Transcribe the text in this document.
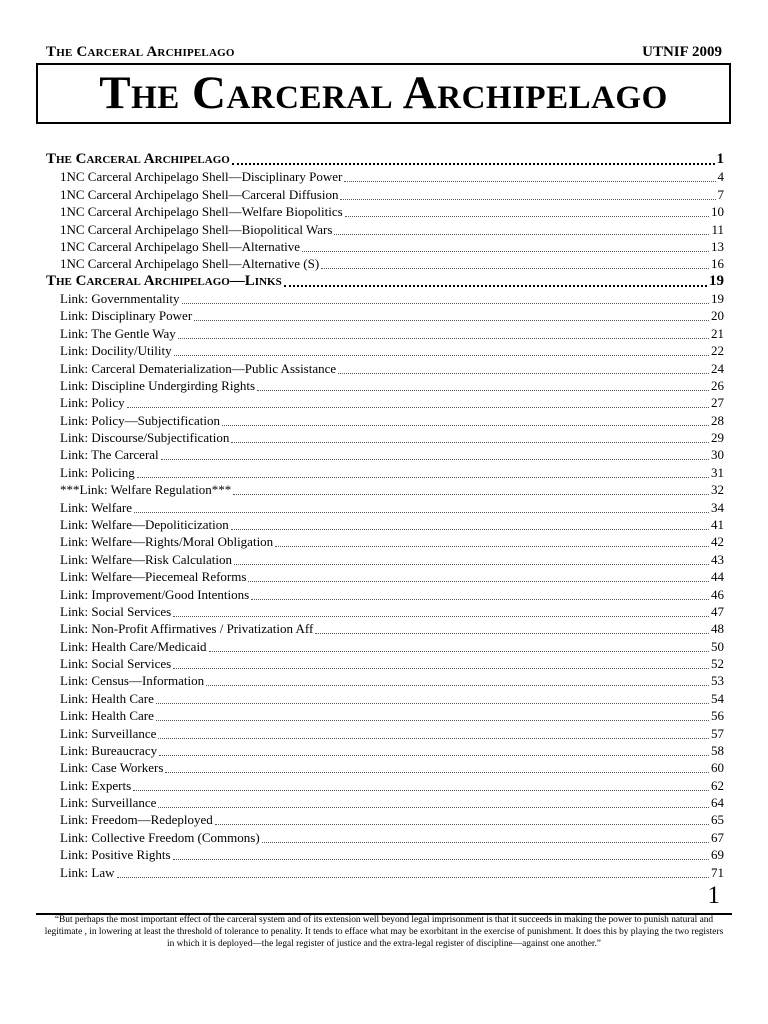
The Carceral Archipelago	UTNIF 2009
The Carceral Archipelago
The Carceral Archipelago	1
1NC Carceral Archipelago Shell—Disciplinary Power	4
1NC Carceral Archipelago Shell—Carceral Diffusion	7
1NC Carceral Archipelago Shell—Welfare Biopolitics	10
1NC Carceral Archipelago Shell—Biopolitical Wars	11
1NC Carceral Archipelago Shell—Alternative	13
1NC Carceral Archipelago Shell—Alternative (S)	16
The Carceral Archipelago—Links	19
Link: Governmentality	19
Link: Disciplinary Power	20
Link: The Gentle Way	21
Link: Docility/Utility	22
Link: Carceral Dematerialization—Public Assistance	24
Link: Discipline Undergirding Rights	26
Link: Policy	27
Link: Policy—Subjectification	28
Link: Discourse/Subjectification	29
Link: The Carceral	30
Link: Policing	31
***Link: Welfare Regulation***	32
Link: Welfare	34
Link: Welfare—Depoliticization	41
Link: Welfare—Rights/Moral Obligation	42
Link: Welfare—Risk Calculation	43
Link: Welfare—Piecemeal Reforms	44
Link: Improvement/Good Intentions	46
Link: Social Services	47
Link: Non-Profit Affirmatives / Privatization Aff	48
Link: Health Care/Medicaid	50
Link: Social Services	52
Link: Census—Information	53
Link: Health Care	54
Link: Health Care	56
Link: Surveillance	57
Link: Bureaucracy	58
Link: Case Workers	60
Link: Experts	62
Link: Surveillance	64
Link: Freedom—Redeployed	65
Link: Collective Freedom (Commons)	67
Link: Positive Rights	69
Link: Law	71
1
“But perhaps the most important effect of the carceral system and of its extension well beyond legal imprisonment is that it succeeds in making the power to punish natural and legitimate , in lowering at least the threshold of tolerance to penality. It tends to efface what may be exorbitant in the exercise of punishment. It does this by playing the two registers in which it is deployed—the legal register of justice and the extra-legal register of discipline—against one another.”
